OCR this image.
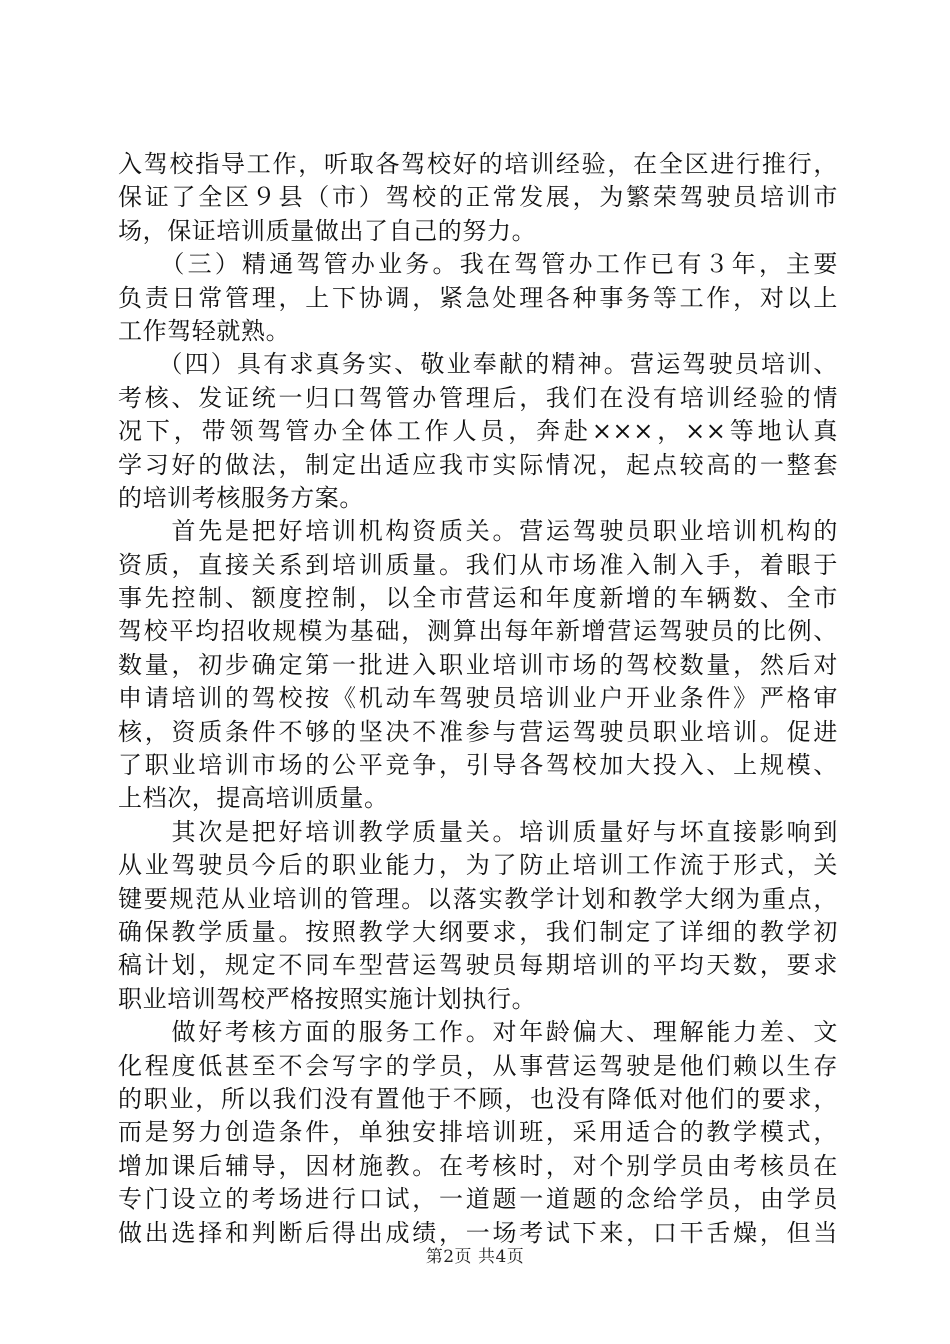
入驾校指导工作，听取各驾校好的培训经验，在全区进行推行，
保证了全区９县（市）驾校的正常发展，为繁荣驾驶员培训市
场，保证培训质量做出了自己的努力。
　　（三）精通驾管办业务。我在驾管办工作已有３年，主要
负责日常管理，上下协调，紧急处理各种事务等工作，对以上
工作驾轻就熟。
　　（四）具有求真务实、敬业奉献的精神。营运驾驶员培训、
考核、发证统一归口驾管办管理后，我们在没有培训经验的情
况下，带领驾管办全体工作人员，奔赴×××，××等地认真
学习好的做法，制定出适应我市实际情况，起点较高的一整套
的培训考核服务方案。
　　首先是把好培训机构资质关。营运驾驶员职业培训机构的
资质，直接关系到培训质量。我们从市场准入制入手，着眼于
事先控制、额度控制，以全市营运和年度新增的车辆数、全市
驾校平均招收规模为基础，测算出每年新增营运驾驶员的比例、
数量，初步确定第一批进入职业培训市场的驾校数量，然后对
申请培训的驾校按《机动车驾驶员培训业户开业条件》严格审
核，资质条件不够的坚决不准参与营运驾驶员职业培训。促进
了职业培训市场的公平竞争，引导各驾校加大投入、上规模、
上档次，提高培训质量。
　　其次是把好培训教学质量关。培训质量好与坏直接影响到
从业驾驶员今后的职业能力，为了防止培训工作流于形式，关
键要规范从业培训的管理。以落实教学计划和教学大纲为重点，
确保教学质量。按照教学大纲要求，我们制定了详细的教学初
稿计划，规定不同车型营运驾驶员每期培训的平均天数，要求
职业培训驾校严格按照实施计划执行。
　　做好考核方面的服务工作。对年龄偏大、理解能力差、文
化程度低甚至不会写字的学员，从事营运驾驶是他们赖以生存
的职业，所以我们没有置他于不顾，也没有降低对他们的要求，
而是努力创造条件，单独安排培训班，采用适合的教学模式，
增加课后辅导，因材施教。在考核时，对个别学员由考核员在
专门设立的考场进行口试，一道题一道题的念给学员，由学员
做出选择和判断后得出成绩，一场考试下来，口干舌燥，但当
第2页 共4页
